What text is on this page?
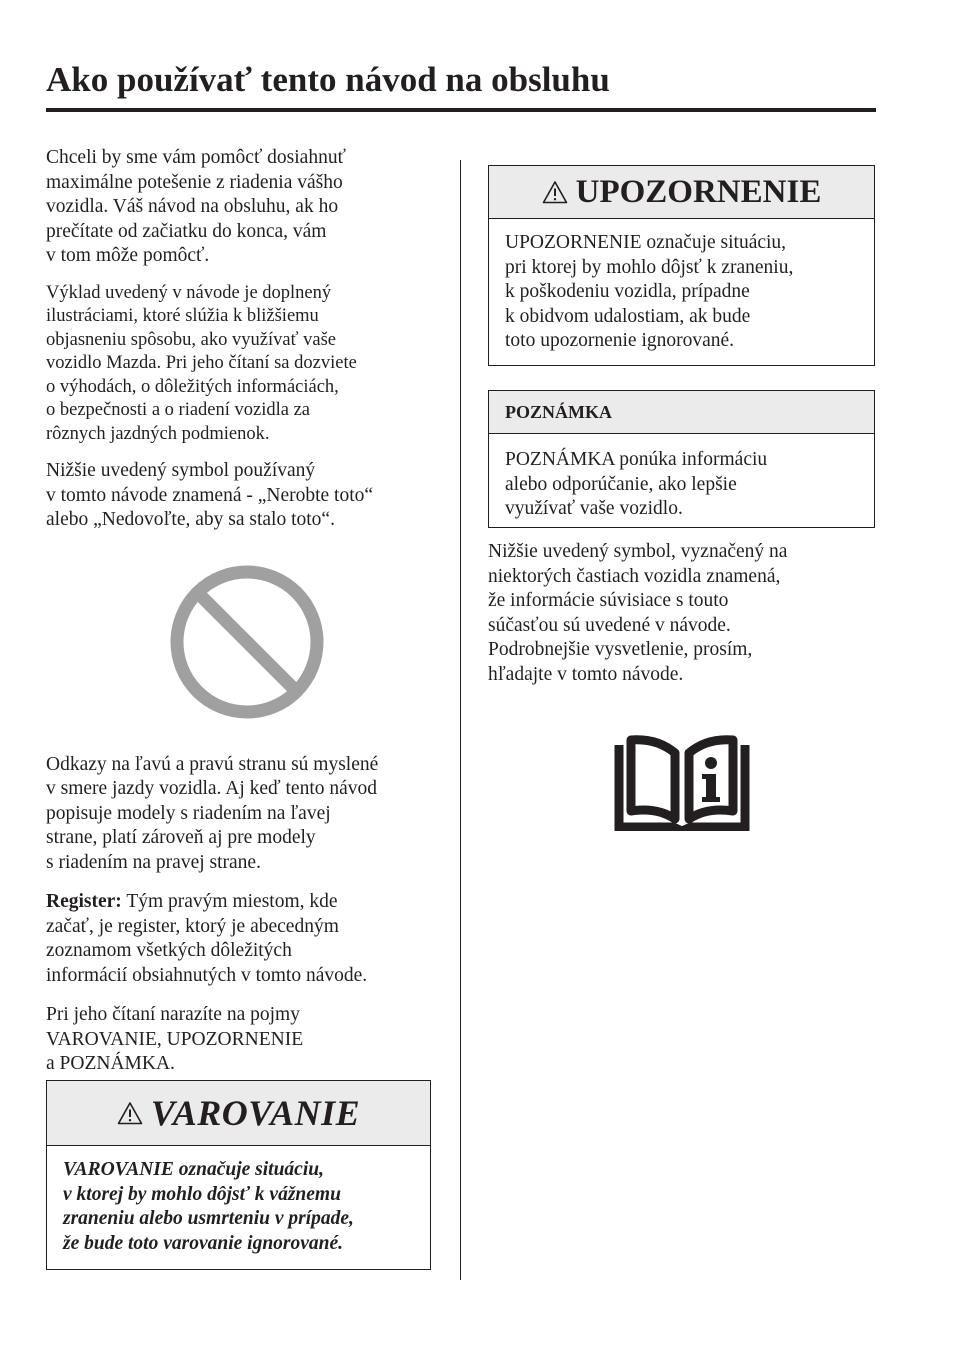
Ako používať tento návod na obsluhu

Chceli by sme vám pomôcť dosiahnuť
maximálne potešenie z riadenia vášho
vozidla. Váš návod na obsluhu, ak ho
prečítate od začiatku do konca, vám
v tom môže pomôcť.

Výklad uvedený v návode je doplnený
ilustráciami, ktoré slúžia k bližšiemu
objasneniu spôsobu, ako využívať vaše
vozidlo Mazda. Pri jeho čítaní sa dozviete
o výhodách, o dôležitých informáciách,
o bezpečnosti a o riadení vozidla za
rôznych jazdných podmienok.

Nižšie uvedený symbol používaný
v tomto návode znamená - „Nerobte toto“
alebo „Nedovoľte, aby sa stalo toto“.

Odkazy na ľavú a pravú stranu sú myslené
v smere jazdy vozidla. Aj keď tento návod
popisuje modely s riadením na ľavej
strane, platí zároveň aj pre modely
s riadením na pravej strane.

Register: Tým pravým miestom, kde
začať, je register, ktorý je abecedným
zoznamom všetkých dôležitých
informácií obsiahnutých v tomto návode.

Pri jeho čítaní narazíte na pojmy
VAROVANIE, UPOZORNENIE
a POZNÁMKA.

VAROVANIE
VAROVANIE označuje situáciu,
v ktorej by mohlo dôjsť k vážnemu
zraneniu alebo usmrteniu v prípade,
že bude toto varovanie ignorované.
UPOZORNENIE
UPOZORNENIE označuje situáciu,
pri ktorej by mohlo dôjsť k zraneniu,
k poškodeniu vozidla, prípadne
k obidvom udalostiam, ak bude
toto upozornenie ignorované.
POZNÁMKA
POZNÁMKA ponúka informáciu
alebo odporúčanie, ako lepšie
využívať vaše vozidlo.

Nižšie uvedený symbol, vyznačený na
niektorých častiach vozidla znamená,
že informácie súvisiace s touto
súčasťou sú uvedené v návode.
Podrobnejšie vysvetlenie, prosím,
hľadajte v tomto návode.
